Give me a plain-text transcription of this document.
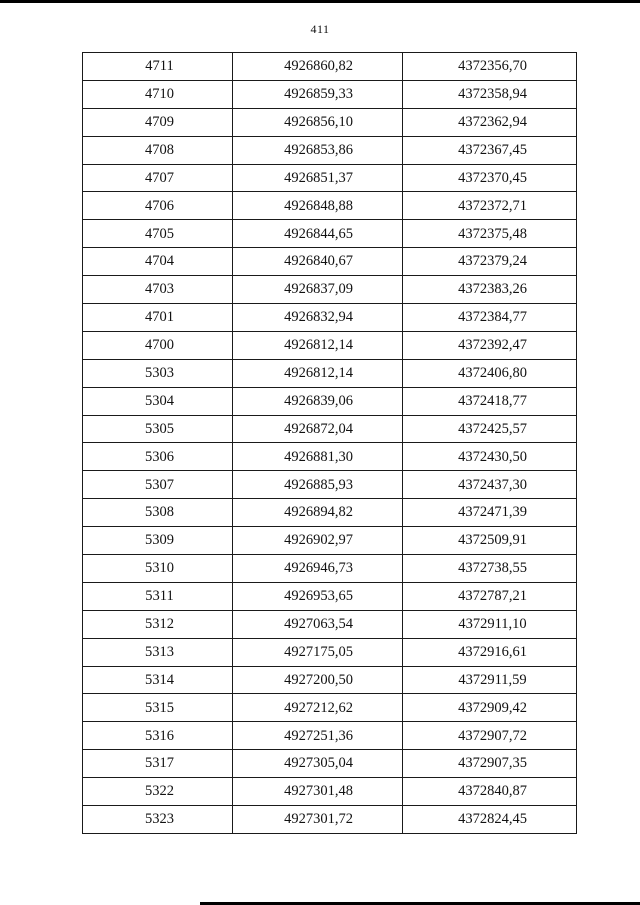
411
4711	4926860,82	4372356,70
4710	4926859,33	4372358,94
4709	4926856,10	4372362,94
4708	4926853,86	4372367,45
4707	4926851,37	4372370,45
4706	4926848,88	4372372,71
4705	4926844,65	4372375,48
4704	4926840,67	4372379,24
4703	4926837,09	4372383,26
4701	4926832,94	4372384,77
4700	4926812,14	4372392,47
5303	4926812,14	4372406,80
5304	4926839,06	4372418,77
5305	4926872,04	4372425,57
5306	4926881,30	4372430,50
5307	4926885,93	4372437,30
5308	4926894,82	4372471,39
5309	4926902,97	4372509,91
5310	4926946,73	4372738,55
5311	4926953,65	4372787,21
5312	4927063,54	4372911,10
5313	4927175,05	4372916,61
5314	4927200,50	4372911,59
5315	4927212,62	4372909,42
5316	4927251,36	4372907,72
5317	4927305,04	4372907,35
5322	4927301,48	4372840,87
5323	4927301,72	4372824,45
